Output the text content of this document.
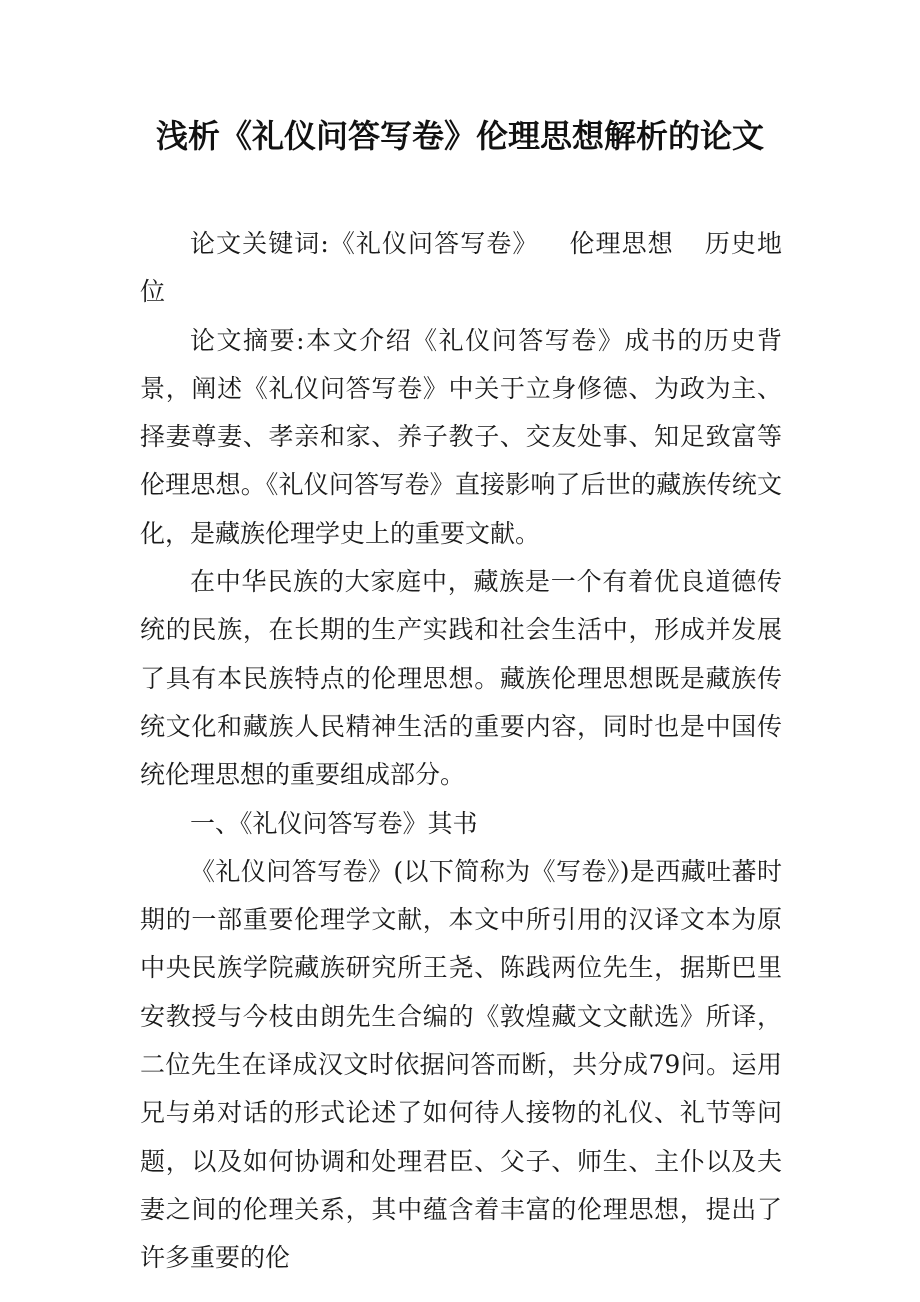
浅析《礼仪问答写卷》伦理思想解析的论文

论文关键词:《礼仪问答写卷》 伦理思想 历史地位

论文摘要:本文介绍《礼仪问答写卷》成书的历史背景，阐述《礼仪问答写卷》中关于立身修德、为政为主、择妻尊妻、孝亲和家、养子教子、交友处事、知足致富等伦理思想。《礼仪问答写卷》直接影响了后世的藏族传统文化，是藏族伦理学史上的重要文献。

在中华民族的大家庭中，藏族是一个有着优良道德传统的民族，在长期的生产实践和社会生活中，形成并发展了具有本民族特点的伦理思想。藏族伦理思想既是藏族传统文化和藏族人民精神生活的重要内容，同时也是中国传统伦理思想的重要组成部分。

一、《礼仪问答写卷》其书

《礼仪问答写卷》(以下简称为《写卷》)是西藏吐蕃时期的一部重要伦理学文献，本文中所引用的汉译文本为原中央民族学院藏族研究所王尧、陈践两位先生，据斯巴里安教授与今枝由朗先生合编的《敦煌藏文文献选》所译，二位先生在译成汉文时依据问答而断，共分成79问。运用兄与弟对话的形式论述了如何待人接物的礼仪、礼节等问题，以及如何协调和处理君臣、父子、师生、主仆以及夫妻之间的伦理关系，其中蕴含着丰富的伦理思想，提出了许多重要的伦
